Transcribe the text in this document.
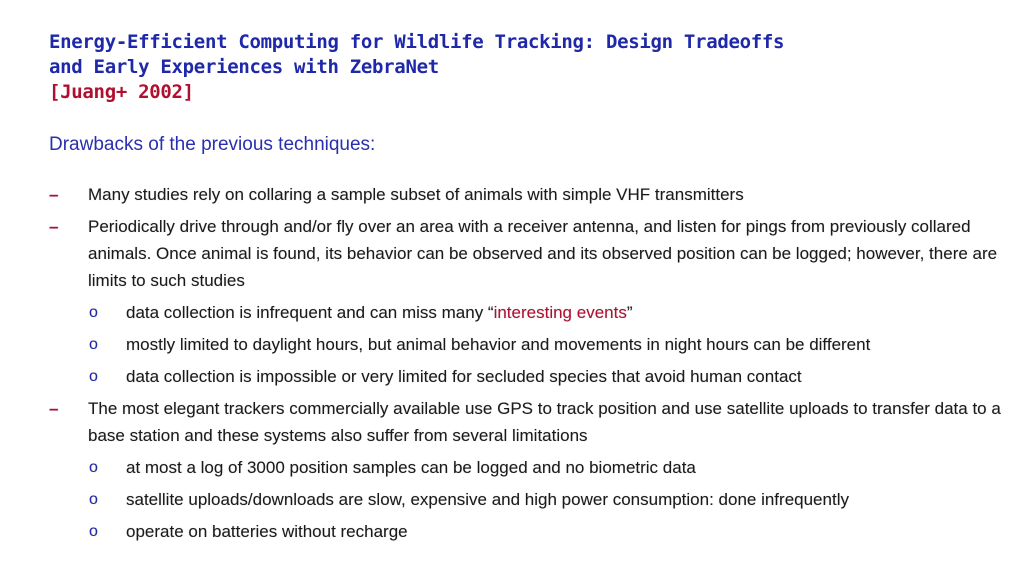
Energy-Efficient Computing for Wildlife Tracking: Design Tradeoffs
and Early Experiences with ZebraNet
[Juang+ 2002]
Drawbacks of the previous techniques:
– Many studies rely on collaring a sample subset of animals with simple VHF transmitters
– Periodically drive through and/or fly over an area with a receiver antenna, and listen for pings from previously collared animals. Once animal is found, its behavior can be observed and its observed position can be logged; however, there are limits to such studies
o data collection is infrequent and can miss many “interesting events”
o mostly limited to daylight hours, but animal behavior and movements in night hours can be different
o data collection is impossible or very limited for secluded species that avoid human contact
– The most elegant trackers commercially available use GPS to track position and use satellite uploads to transfer data to a base station and these systems also suffer from several limitations
o at most a log of 3000 position samples can be logged and no biometric data
o satellite uploads/downloads are slow, expensive and high power consumption: done infrequently
o operate on batteries without recharge
